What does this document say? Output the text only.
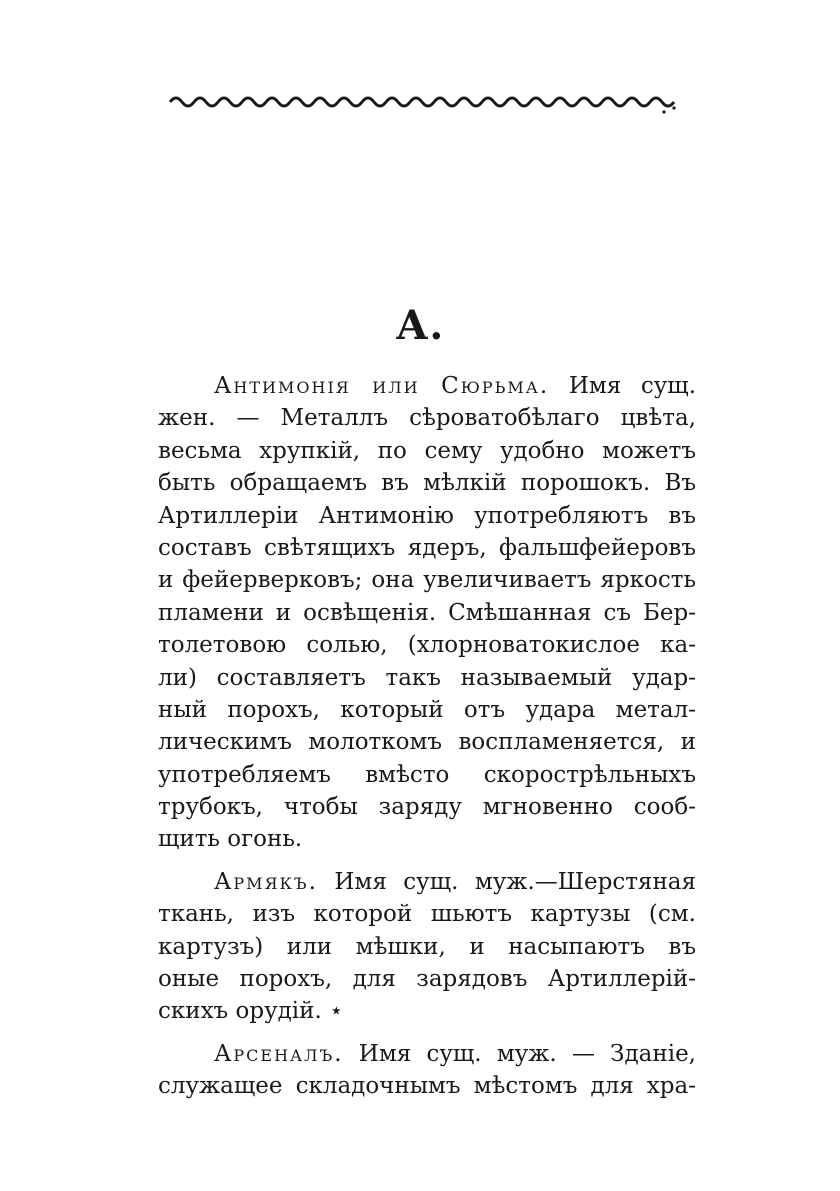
А.
Антимонія или Сюрьма. Имя сущ.
жен. — Металлъ сѣроватобѣлаго цвѣта,
весьма хрупкій, по сему удобно можетъ
быть обращаемъ въ мѣлкій порошокъ. Въ
Артиллеріи Антимонію употребляютъ въ
составъ свѣтящихъ ядеръ, фальшфейеровъ
и фейерверковъ; она увеличиваетъ яркость
пламени и освѣщенія. Смѣшанная съ Бер-
толетовою солью, (хлорноватокислое ка-
ли) составляетъ такъ называемый удар-
ный порохъ, который отъ удара метал-
лическимъ молоткомъ воспламеняется, и
употребляемъ вмѣсто скорострѣльныхъ
трубокъ, чтобы заряду мгновенно сооб-
щить огонь.
Армякъ. Имя сущ. муж.—Шерстяная
ткань, изъ которой шьютъ картузы (см.
картузъ) или мѣшки, и насыпаютъ въ
оные порохъ, для зарядовъ Артиллерій-
скихъ орудій. ⋆
Арсеналъ. Имя сущ. муж. — Зданіе,
служащее складочнымъ мѣстомъ для хра-
